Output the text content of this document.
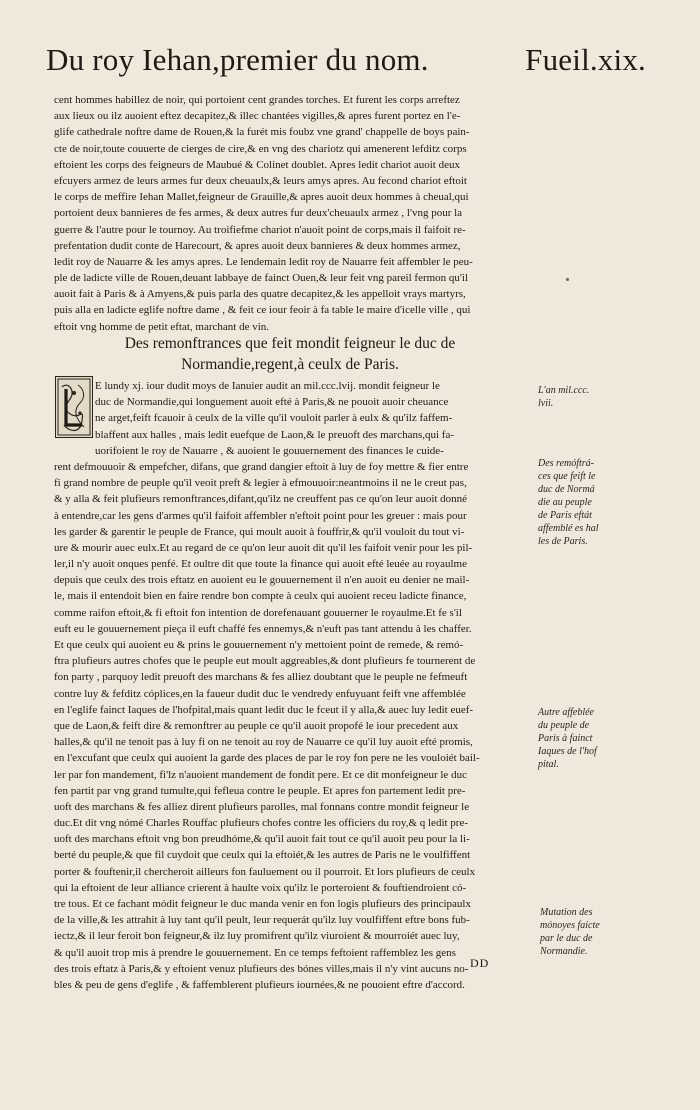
Du roy Iehan,premier du nom.	Fueil.xix.
cent hommes habillez de noir, qui portoient cent grandes torches. Et furent les corps arreftez
aux lieux ou ilz auoient eftez decapitez,& illec chantées vigilles,& apres furent portez en l'e-
glife cathedrale noftre dame de Rouen,& la furét mis foubz vne grand' chappelle de boys pain-
cte de noir,toute couuerte de cierges de cire,& en vng des chariotz qui amenerent lefditz corps
eftoient les corps des feigneurs de Maubué & Colinet doublet. Apres ledit chariot auoit deux
efcuyers armez de leurs armes fur deux cheuaulx,& leurs amys apres. Au fecond chariot eftoit
le corps de meffire Iehan Mallet,feigneur de Grauille,& apres auoit deux hommes à cheual,qui
portoient deux bannieres de fes armes, & deux autres fur deux'cheuaulx armez , l'vng pour la
guerre & l'autre pour le tournoy. Au troifiefme chariot n'auoit point de corps,mais il faifoit re-
prefentation dudit conte de Harecourt, & apres auoit deux bannieres & deux hommes armez,
ledit roy de Nauarre & les amys apres. Le lendemain ledit roy de Nauarre feit affembler le peu-
ple de ladicte ville de Rouen,deuant labbaye de fainct Ouen,& leur feit vng pareil fermon qu'il
auoit fait à Paris & à Amyens,& puis parla des quatre decapitez,& les appelloit vrays martyrs,
puis alla en ladicte eglife noftre dame , & feit ce iour feoir à fa table le maire d'icelle ville , qui
eftoit vng homme de petit eftat, marchant de vin.
Des remonftrances que feit mondit feigneur le duc de
Normandie,regent,à ceulx de Paris.
E lundy xj. iour dudit moys de Ianuier audit an mil.ccc.lvij. mondit feigneur le
duc de Normandie,qui longuement auoit efté à Paris,& ne pouoit auoir cheuance
ne arget,feift fcauoir à ceulx de la ville qu'il vouloit parler à eulx & qu'ilz faffem-
blaffent aux halles , mais ledit euefque de Laon,& le preuoft des marchans,qui fa-
uorifoient le roy de Nauarre , & auoient le gouuernement des finances le cuide-
rent defmouuoir & empefcher, difans, que grand dangier eftoit à luy de foy mettre & fier entre
fi grand nombre de peuple qu'il veoit preft & legier à efmouuoir:neantmoins il ne le creut pas,
& y alla & feit plufieurs remonftrances,difant,qu'ilz ne creuffent pas ce qu'on leur auoit donné
à entendre,car les gens d'armes qu'il faifoit affembler n'eftoit point pour les greuer : mais pour
les garder & garentir le peuple de France, qui moult auoit à fouffrir,& qu'il vouloit du tout vi-
ure & mourir auec eulx.Et au regard de ce qu'on leur auoit dit qu'il les faifoit venir pour les pil-
ler,il n'y auoit onques penfé. Et oultre dit que toute la finance qui auoit efté leuée au royaulme
depuis que ceulx des trois eftatz en auoient eu le gouuernement il n'en auoit eu denier ne mail-
le, mais il entendoit bien en faire rendre bon compte à ceulx qui auoient receu ladicte finance,
comme raifon eftoit,& fi eftoit fon intention de dorefenauant gouuerner le royaulme.Et fe s'il
euft eu le gouuernement pieça il euft chaffé fes ennemys,& n'euft pas tant attendu à les chaffer.
Et que ceulx qui auoient eu & prins le gouuernement n'y mettoient point de remede, & remó-
ftra plufieurs autres chofes que le peuple eut moult aggreables,& dont plufieurs fe tournerent de
fon party , parquoy ledit preuoft des marchans & fes alliez doubtant que le peuple ne fefmeuft
contre luy & fefditz cóplices,en la faueur dudit duc le vendredy enfuyuant feift vne affemblée
en l'eglife fainct Iaques de l'hofpital,mais quant ledit duc le fceut il y alla,& auec luy ledit euef-
que de Laon,& feift dire & remonftrer au peuple ce qu'il auoit propofé le iour precedent aux
halles,& qu'il ne tenoit pas à luy fi on ne tenoit au roy de Nauarre ce qu'il luy auoit efté promis,
en l'excufant que ceulx qui auoient la garde des places de par le roy fon pere ne les vouloiét bail-
ler par fon mandement, fi'lz n'auoient mandement de fondit pere. Et ce dit monfeigneur le duc
fen partit par vng grand tumulte,qui fefleua contre le peuple. Et apres fon partement ledit pre-
uoft des marchans & fes alliez dirent plufieurs parolles, mal fonnans contre mondit feigneur le
duc.Et dit vng nómé Charles Rouffac plufieurs chofes contre les officiers du roy,& q ledit pre-
uoft des marchans eftoit vng bon preudhóme,& qu'il auoit fait tout ce qu'il auoit peu pour la li-
berté du peuple,& que fil cuydoit que ceulx qui la eftoiét,& les autres de Paris ne le voulfiffent
porter & fouftenir,il chercheroit ailleurs fon fauluement ou il pourroit. Et lors plufieurs de ceulx
qui la eftoient de leur alliance crierent à haulte voix qu'ilz le porteroient & fouftiendroient có-
tre tous. Et ce fachant módit feigneur le duc manda venir en fon logis plufieurs des principaulx
de la ville,& les attrahit à luy tant qu'il peult, leur requerát qu'ilz luy voulfiffent eftre bons fub-
iectz,& il leur feroit bon feigneur,& ilz luy promifrent qu'ilz viuroient & mourroiét auec luy,
& qu'il auoit trop mis à prendre le gouuernement. En ce temps feftoient raffemblez les gens
des trois eftatz à Paris,& y eftoient venuz plufieurs des bónes villes,mais il n'y vint aucuns no-
bles & peu de gens d'eglife , & faffemblerent plufieurs iournées,& ne pouoient eftre d'accord.
L'an mil.ccc.
lvii.
Des remóftrá-
ces que feift le
duc de Normá
die au peuple
de Paris eftát
affemblé es hal
les de Paris.
Autre affeblée
du peuple de
Paris à fainct
Iaques de l'hof
pital.
Mutation des
mónoyes faicte
par le duc de
Normandie.
DD
